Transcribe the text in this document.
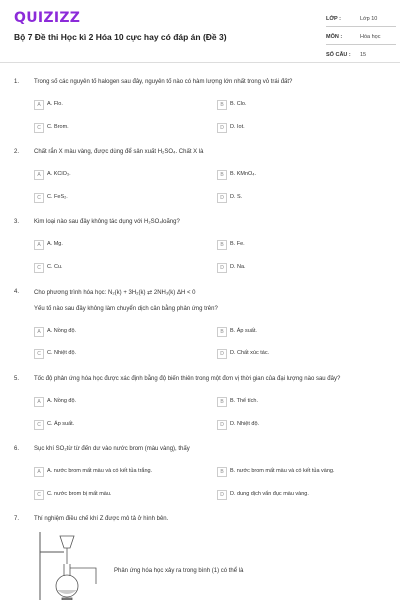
QUIZIZZ
Bộ 7 Đề thi Học kì 2 Hóa 10 cực hay có đáp án (Đề 3)
LỚP :	Lớp 10
MÔN :	Hóa học
SỐ CÂU : 15
1. Trong số các nguyên tố halogen sau đây, nguyên tố nào có hàm lượng lớn nhất trong vỏ trái đất?
A	A. Flo.	B	B. Clo.
C	C. Brom.	D	D. Iot.
2. Chất rắn X màu vàng, được dùng để sản xuất H₂SO₄. Chất X là
A	A. KClO₃.	B	B. KMnO₄.
C	C. FeS₂.	D	D. S.
3. Kim loại nào sau đây không tác dụng với H₂SO₄loãng?
A	A. Mg.	B	B. Fe.
C	C. Cu.	D	D. Na.
4. Cho phương trình hóa học: N₂(k) + 3H₂(k) ⇄ 2NH₃(k) ΔH < 0
Yếu tố nào sau đây không làm chuyển dịch cân bằng phản ứng trên?
A	A. Nồng độ.	B	B. Áp suất.
C	C. Nhiệt độ.	D	D. Chất xúc tác.
5. Tốc độ phản ứng hóa học được xác định bằng độ biến thiên trong một đơn vị thời gian của đại lượng nào sau đây?
A	A. Nồng độ.	B	B. Thể tích.
C	C. Áp suất.	D	D. Nhiệt độ.
6. Sục khí SO₂từ từ đến dư vào nước brom (màu vàng), thấy
A	A. nước brom mất màu và có kết tủa trắng.	B	B. nước brom mất màu và có kết tủa vàng.
C	C. nước brom bị mất màu.	D	D. dung dịch vẩn đục màu vàng.
7. Thí nghiệm điều chế khí Z được mô tả ở hình bên.
Phản ứng hóa học xảy ra trong bình (1) có thể là
